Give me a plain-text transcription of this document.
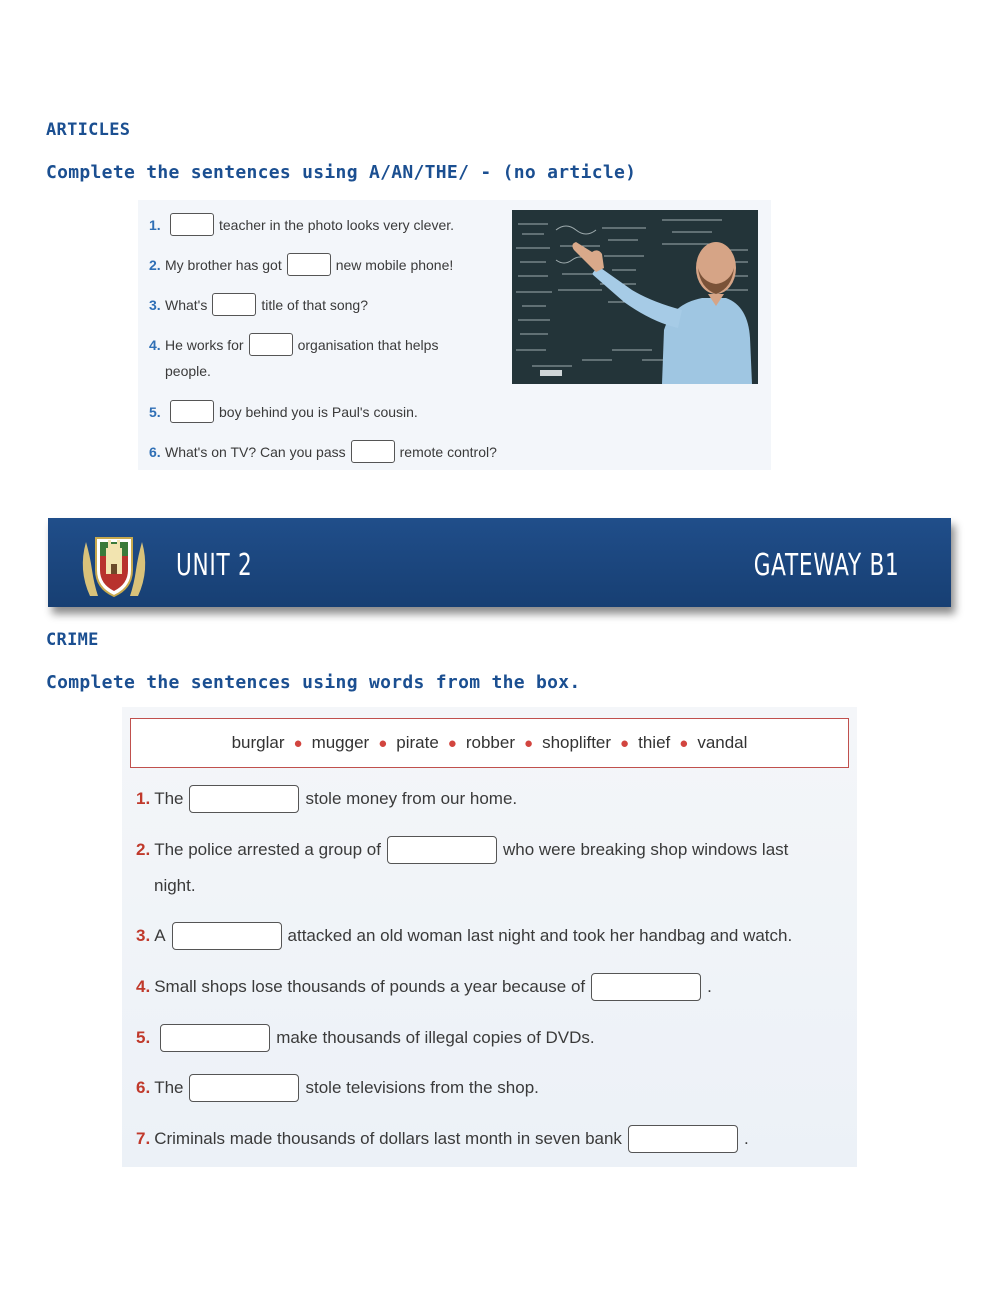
ARTICLES
Complete the sentences using A/AN/THE/ - (no article)
1.	teacher in the photo looks very clever.
2. My brother has got	new mobile phone!
3. What's	title of that song?
4. He works for	organisation that helps
people.
5.	boy behind you is Paul's cousin.
6. What's on TV? Can you pass	remote control?
UNIT 2	GATEWAY B1
CRIME
Complete the sentences using words from the box.
burglar ● mugger ● pirate ● robber ● shoplifter ● thief ● vandal
1. The	stole money from our home.
2. The police arrested a group of	who were breaking shop windows last
night.
3. A	attacked an old woman last night and took her handbag and watch.
4. Small shops lose thousands of pounds a year because of	.
5.	make thousands of illegal copies of DVDs.
6. The	stole televisions from the shop.
7. Criminals made thousands of dollars last month in seven bank	.
